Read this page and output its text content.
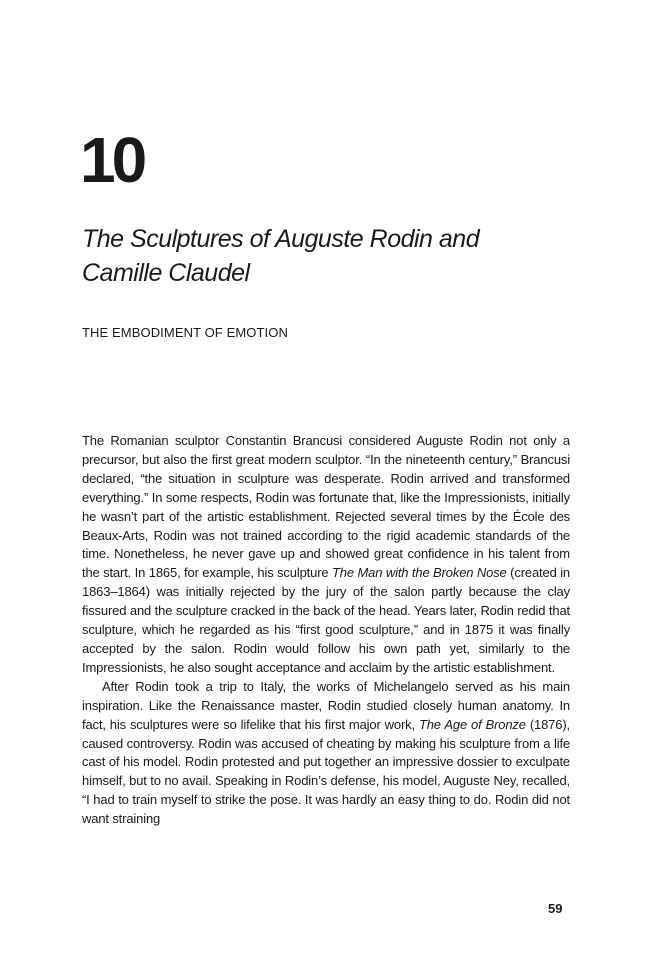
10
The Sculptures of Auguste Rodin and
Camille Claudel
THE EMBODIMENT OF EMOTION

The Romanian sculptor Constantin Brancusi considered Auguste Rodin not only a precursor, but also the first great modern sculptor. “In the nineteenth century,” Brancusi declared, “the situation in sculpture was desperate. Rodin arrived and transformed everything.” In some respects, Rodin was fortunate that, like the Impressionists, initially he wasn’t part of the artistic establishment. Rejected several times by the École des Beaux-Arts, Rodin was not trained according to the rigid academic standards of the time. Nonetheless, he never gave up and showed great confidence in his talent from the start. In 1865, for example, his sculpture The Man with the Broken Nose (created in 1863–1864) was initially rejected by the jury of the salon partly because the clay fissured and the sculpture cracked in the back of the head. Years later, Rodin redid that sculpture, which he regarded as his “first good sculpture,” and in 1875 it was finally accepted by the salon. Rodin would follow his own path yet, similarly to the Impressionists, he also sought acceptance and acclaim by the artistic establishment.

After Rodin took a trip to Italy, the works of Michelangelo served as his main inspiration. Like the Renaissance master, Rodin studied closely human anatomy. In fact, his sculptures were so lifelike that his first major work, The Age of Bronze (1876), caused controversy. Rodin was accused of cheating by making his sculpture from a life cast of his model. Rodin protested and put together an impressive dossier to exculpate himself, but to no avail. Speaking in Rodin’s defense, his model, Auguste Ney, recalled, “I had to train myself to strike the pose. It was hardly an easy thing to do. Rodin did not want straining

59
